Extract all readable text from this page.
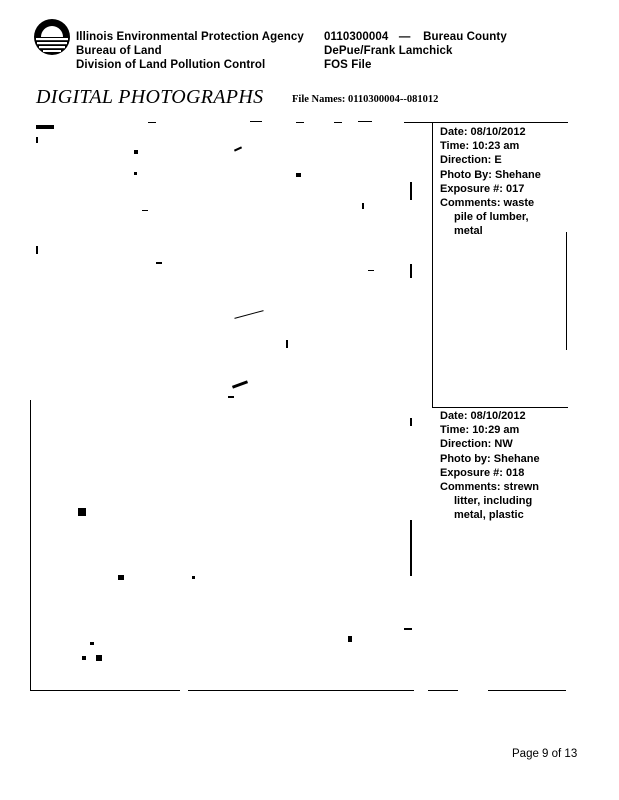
Illinois Environmental Protection Agency
Bureau of Land
Division of Land Pollution Control
0110300004 — Bureau County
DePue/Frank Lamchick
FOS File
DIGITAL PHOTOGRAPHS	File Names: 0110300004--081012
Date: 08/10/2012
Time: 10:23 am
Direction: E
Photo By: Shehane
Exposure #: 017
Comments: waste
pile of lumber,
metal
Date: 08/10/2012
Time: 10:29 am
Direction: NW
Photo by: Shehane
Exposure #: 018
Comments: strewn
litter, including
metal, plastic
Page 9 of 13
